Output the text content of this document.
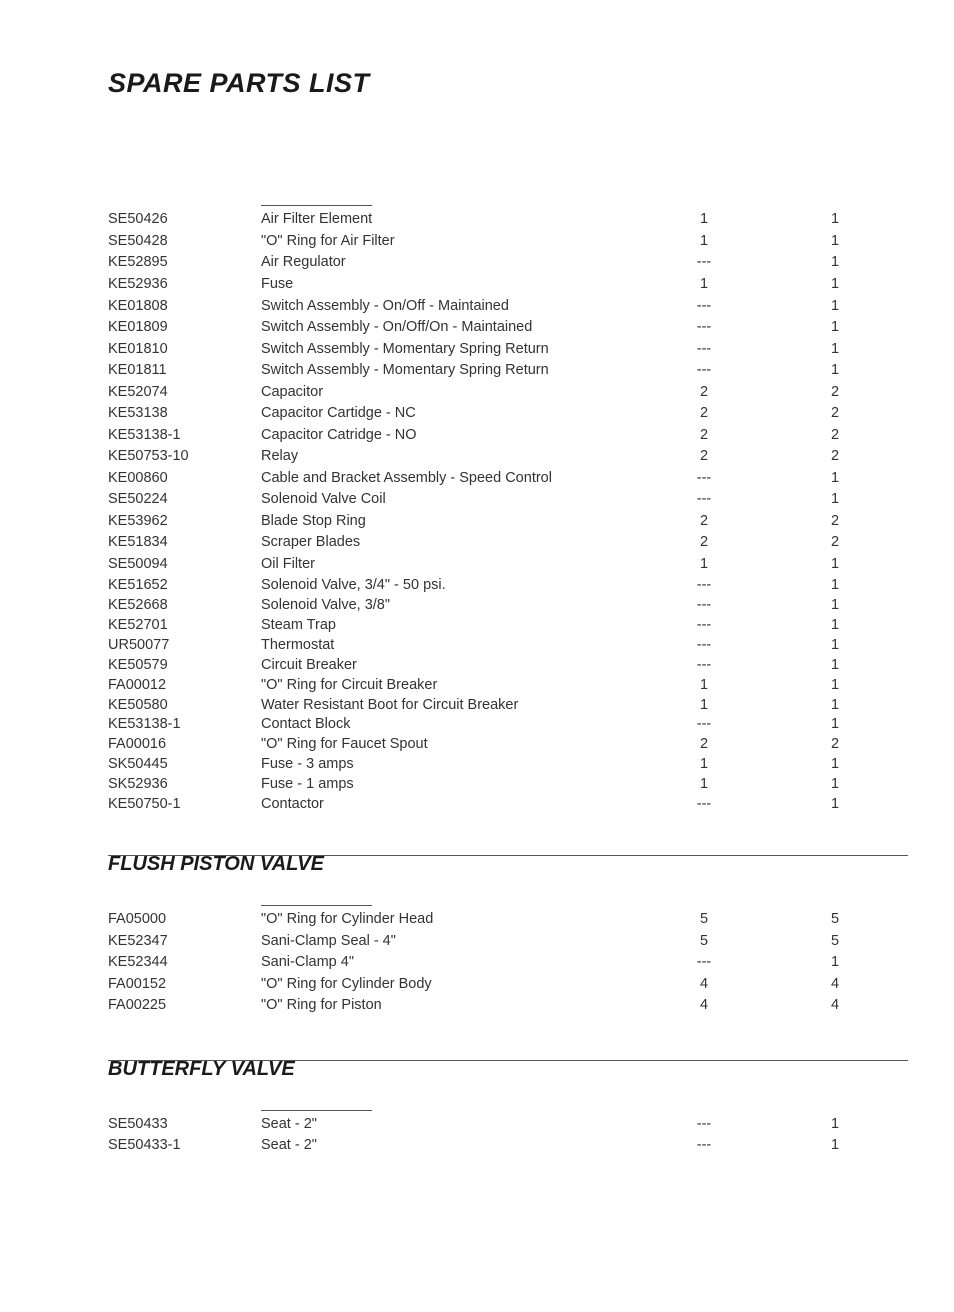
SPARE PARTS LIST
SE50426	Air Filter Element	1	1
SE50428	"O" Ring for Air Filter	1	1
KE52895	Air Regulator	---	1
KE52936	Fuse	1	1
KE01808	Switch Assembly - On/Off - Maintained	---	1
KE01809	Switch Assembly - On/Off/On - Maintained	---	1
KE01810	Switch Assembly - Momentary Spring Return	---	1
KE01811	Switch Assembly - Momentary Spring Return	---	1
KE52074	Capacitor	2	2
KE53138	Capacitor Cartidge - NC	2	2
KE53138-1	Capacitor Catridge - NO	2	2
KE50753-10	Relay	2	2
KE00860	Cable and Bracket Assembly - Speed Control	---	1
SE50224	Solenoid Valve Coil	---	1
KE53962	Blade Stop Ring	2	2
KE51834	Scraper Blades	2	2
SE50094	Oil Filter	1	1
KE51652	Solenoid Valve, 3/4" - 50 psi.	---	1
KE52668	Solenoid Valve, 3/8"	---	1
KE52701	Steam Trap	---	1
UR50077	Thermostat	---	1
KE50579	Circuit Breaker	---	1
FA00012	"O" Ring for Circuit Breaker	1	1
KE50580	Water Resistant Boot for Circuit Breaker	1	1
KE53138-1	Contact Block	---	1
FA00016	"O" Ring for Faucet Spout	2	2
SK50445	Fuse - 3 amps	1	1
SK52936	Fuse - 1 amps	1	1
KE50750-1	Contactor	---	1
FLUSH PISTON VALVE
FA05000	"O" Ring for Cylinder Head	5	5
KE52347	Sani-Clamp Seal - 4"	5	5
KE52344	Sani-Clamp 4"	---	1
FA00152	"O" Ring for Cylinder Body	4	4
FA00225	"O" Ring for Piston	4	4
BUTTERFLY VALVE
SE50433	Seat - 2"	---	1
SE50433-1	Seat - 2"	---	1
